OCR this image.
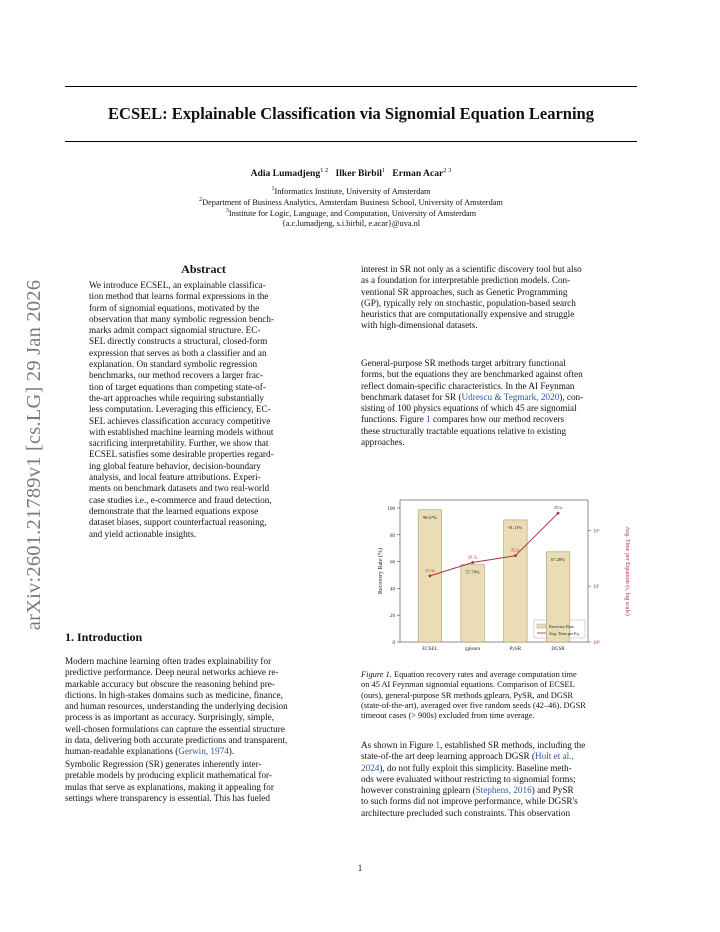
arXiv:2601.21789v1 [cs.LG] 29 Jan 2026
ECSEL: Explainable Classification via Signomial Equation Learning
Adia Lumadjeng$^{1 2}$ Ilker Birbil$^1$ Erman Acar$^{2 3}$
$^1$Informatics Institute, University of Amsterdam
$^2$Department of Business Analytics, Amsterdam Business School, University of Amsterdam
$^3$Institute for Logic, Language, and Computation, University of Amsterdam
{a.c.lumadjeng, s.i.birbil, e.acar}@uva.nl
Abstract
We introduce ECSEL, an explainable classifica-
tion method that learns formal expressions in the
form of signomial equations, motivated by the
observation that many symbolic regression bench-
marks admit compact signomial structure. EC-
SEL directly constructs a structural, closed-form
expression that serves as both a classifier and an
explanation. On standard symbolic regression
benchmarks, our method recovers a larger frac-
tion of target equations than competing state-of-
the-art approaches while requiring substantially
less computation. Leveraging this efficiency, EC-
SEL achieves classification accuracy competitive
with established machine learning models without
sacrificing interpretability. Further, we show that
ECSEL satisfies some desirable properties regard-
ing global feature behavior, decision-boundary
analysis, and local feature attributions. Experi-
ments on benchmark datasets and two real-world
case studies i.e., e-commerce and fraud detection,
demonstrate that the learned equations expose
dataset biases, support counterfactual reasoning,
and yield actionable insights.
1. Introduction
Modern machine learning often trades explainability for
predictive performance. Deep neural networks achieve re-
markable accuracy but obscure the reasoning behind pre-
dictions. In high-stakes domains such as medicine, finance,
and human resources, understanding the underlying decision
process is as important as accuracy. Surprisingly, simple,
well-chosen formulations can capture the essential structure
in data, delivering both accurate predictions and transparent,
human-readable explanations (Gerwin, 1974).
Symbolic Regression (SR) generates inherently inter-
pretable models by producing explicit mathematical for-
mulas that serve as explanations, making it appealing for
settings where transparency is essential. This has fueled
interest in SR not only as a scientific discovery tool but also
as a foundation for interpretable prediction models. Con-
ventional SR approaches, such as Genetic Programming
(GP), typically rely on stochastic, population-based search
heuristics that are computationally expensive and struggle
with high-dimensional datasets.
General-purpose SR methods target arbitrary functional
forms, but the equations they are benchmarked against often
reflect domain-specific characteristics. In the AI Feynman
benchmark dataset for SR (Udrescu & Tegmark, 2020), con-
sisting of 100 physics equations of which 45 are signomial
functions. Figure 1 compares how our method recovers
these structurally tractable equations relative to existing
approaches.
0
20
40
60
80
100
10⁰
10¹
10²
Recovery Rate (%)	Avg. Time per Equation (s, log scale)
98.67%
ECSEL
57.78%
gplearn
91.11%
PySR
67.28%
DGSR
15.3s
26.5s
35.2s
203s
Recovery Rate
Avg. Time per Eq
Figure 1. Equation recovery rates and average computation time
on 45 AI Feynman signomial equations. Comparison of ECSEL
(ours), general-purpose SR methods gplearn, PySR, and DGSR
(state-of-the-art), averaged over five random seeds (42–46). DGSR
timeout cases (> 900s) excluded from time average.
As shown in Figure 1, established SR methods, including the
state-of-the art deep learning approach DGSR (Holt et al.,
2024), do not fully exploit this simplicity. Baseline meth-
ods were evaluated without restricting to signomial forms;
however constraining gplearn (Stephens, 2016) and PySR
to such forms did not improve performance, while DGSR's
architecture precluded such constraints. This observation
1
